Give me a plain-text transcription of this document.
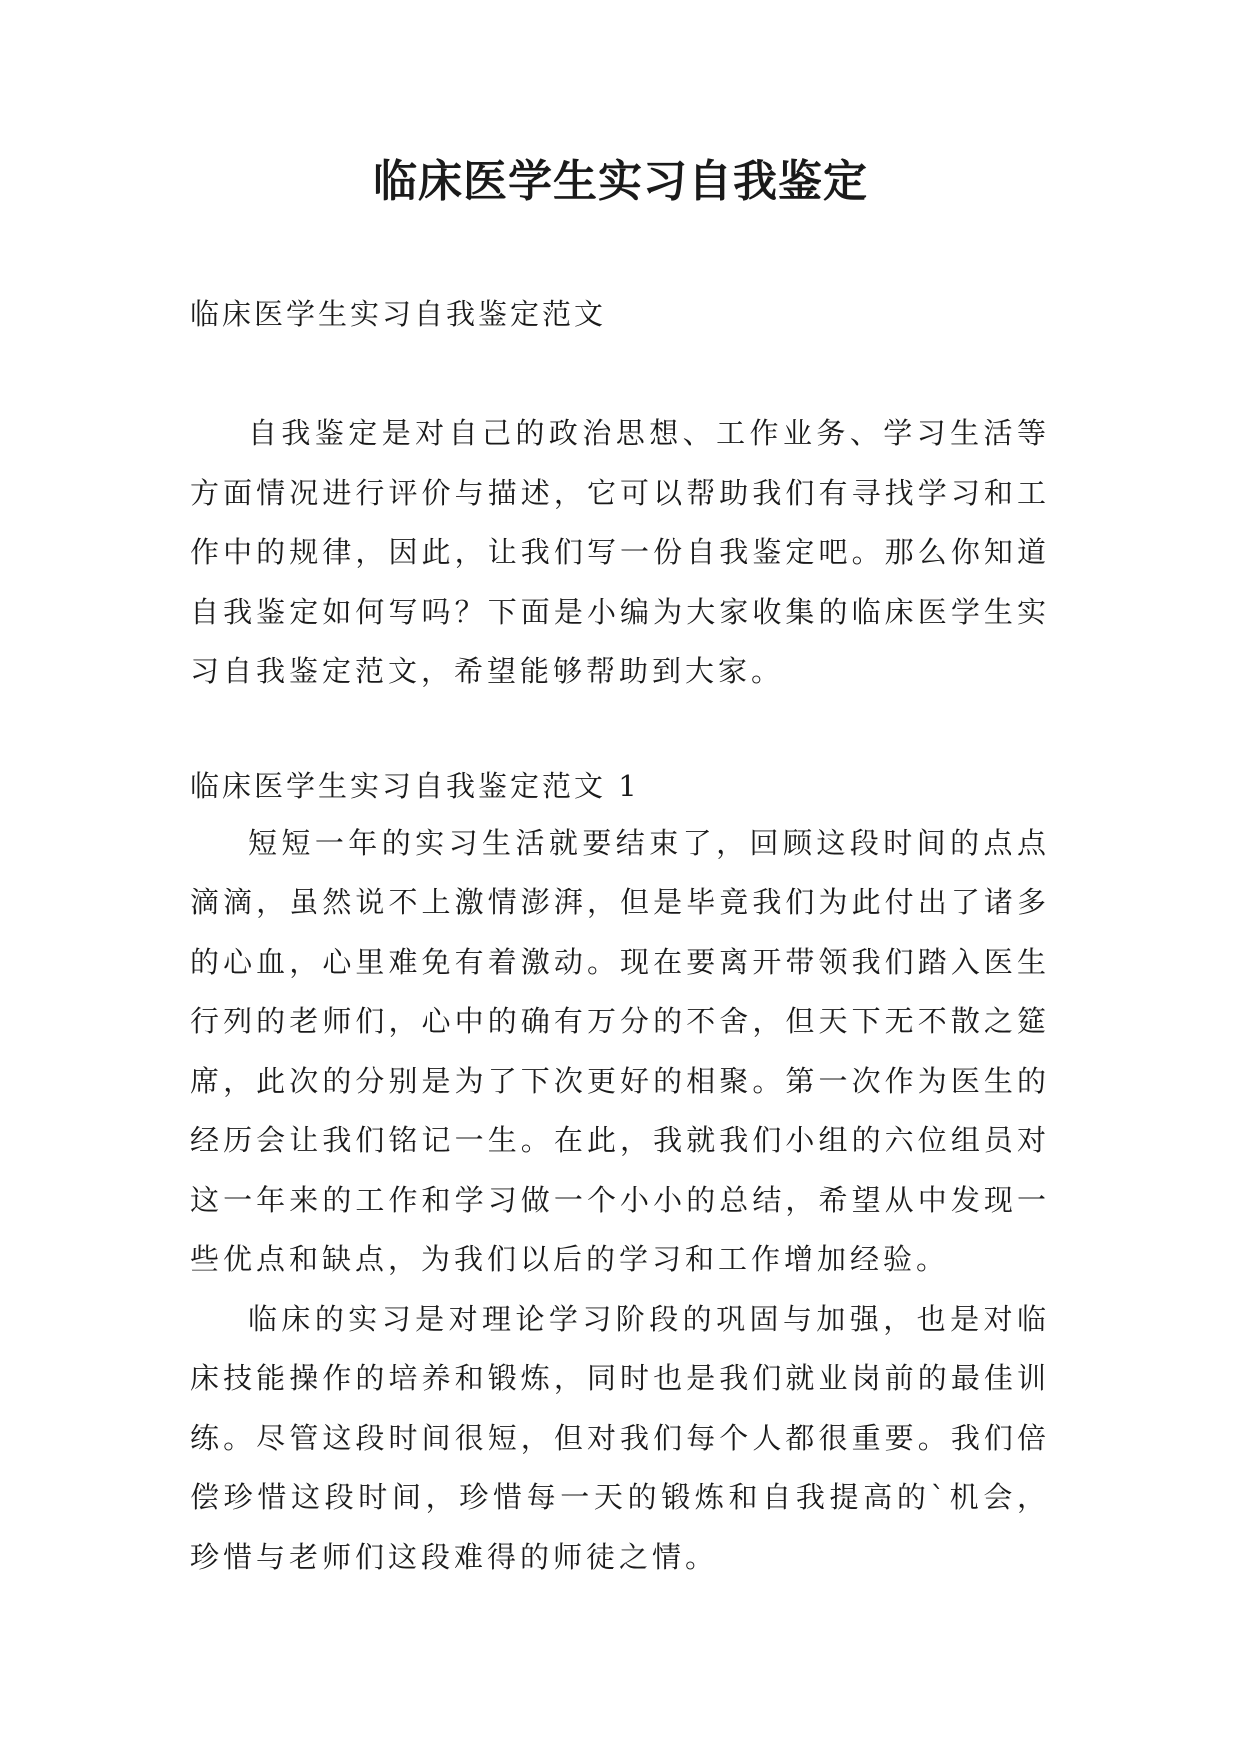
临床医学生实习自我鉴定

临床医学生实习自我鉴定范文

自我鉴定是对自己的政治思想、工作业务、学习生活等方面情况进行评价与描述，它可以帮助我们有寻找学习和工作中的规律，因此，让我们写一份自我鉴定吧。那么你知道自我鉴定如何写吗？下面是小编为大家收集的临床医学生实习自我鉴定范文，希望能够帮助到大家。

临床医学生实习自我鉴定范文 1

短短一年的实习生活就要结束了，回顾这段时间的点点滴滴，虽然说不上激情澎湃，但是毕竟我们为此付出了诸多的心血，心里难免有着激动。现在要离开带领我们踏入医生行列的老师们，心中的确有万分的不舍，但天下无不散之筵席，此次的分别是为了下次更好的相聚。第一次作为医生的经历会让我们铭记一生。在此，我就我们小组的六位组员对这一年来的工作和学习做一个小小的总结，希望从中发现一些优点和缺点，为我们以后的学习和工作增加经验。

临床的实习是对理论学习阶段的巩固与加强，也是对临床技能操作的培养和锻炼，同时也是我们就业岗前的最佳训练。尽管这段时间很短，但对我们每个人都很重要。我们倍偿珍惜这段时间，珍惜每一天的锻炼和自我提高的`机会，珍惜与老师们这段难得的师徒之情。
